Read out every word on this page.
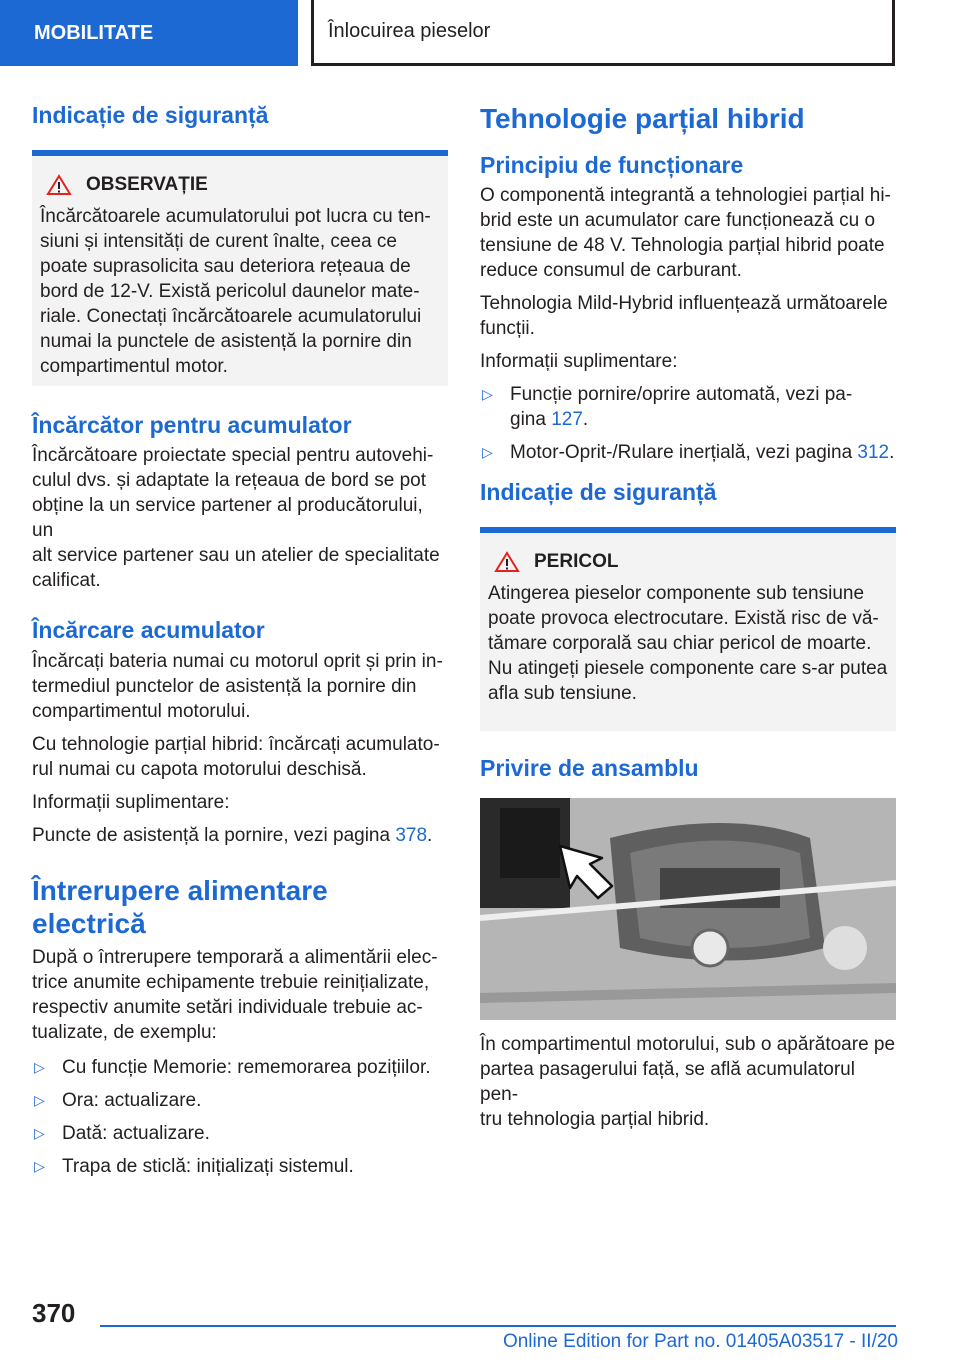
MOBILITATE	Înlocuirea pieselor
Indicație de siguranță
OBSERVAȚIE

Încărcătoarele acumulatorului pot lucra cu ten-

siuni și intensități de curent înalte, ceea ce

poate suprasolicita sau deteriora rețeaua de

bord de 12-V. Există pericolul daunelor mate-

riale. Conectați încărcătoarele acumulatorului

numai la punctele de asistență la pornire din

compartimentul motor.

Încărcător pentru acumulator

Încărcătoare proiectate special pentru autovehi-

culul dvs. și adaptate la rețeaua de bord se pot

obține la un service partener al producătorului, un

alt service partener sau un atelier de specialitate

calificat.

Încărcare acumulator

Încărcați bateria numai cu motorul oprit și prin in-

termediul punctelor de asistență la pornire din

compartimentul motorului.

Cu tehnologie parțial hibrid: încărcați acumulato-

rul numai cu capota motorului deschisă.

Informații suplimentare:

Puncte de asistență la pornire, vezi pagina 378.

Întrerupere alimentare electrică

După o întrerupere temporară a alimentării elec-

trice anumite echipamente trebuie reinițializate,

respectiv anumite setări individuale trebuie ac-

tualizate, de exemplu:

▷ Cu funcție Memorie: rememorarea pozițiilor.
▷ Ora: actualizare.
▷ Dată: actualizare.
▷ Trapa de sticlă: inițializați sistemul.
Tehnologie parțial hibrid
Principiu de funcționare

O componentă integrantă a tehnologiei parțial hi-

brid este un acumulator care funcționează cu o

tensiune de 48 V. Tehnologia parțial hibrid poate

reduce consumul de carburant.

Tehnologia Mild-Hybrid influențează următoarele

funcții.

Informații suplimentare:

▷ Funcție pornire/oprire automată, vezi pa-
gina 127.
▷ Motor-Oprit-/Rulare inerțială, vezi pagina 312.
Indicație de siguranță
PERICOL

Atingerea pieselor componente sub tensiune

poate provoca electrocutare. Există risc de vă-

tămare corporală sau chiar pericol de moarte.

Nu atingeți piesele componente care s-ar putea

afla sub tensiune.

Privire de ansamblu

În compartimentul motorului, sub o apărătoare pe

partea pasagerului față, se află acumulatorul pen-

tru tehnologia parțial hibrid.

370
Online Edition for Part no. 01405A03517 - II/20
